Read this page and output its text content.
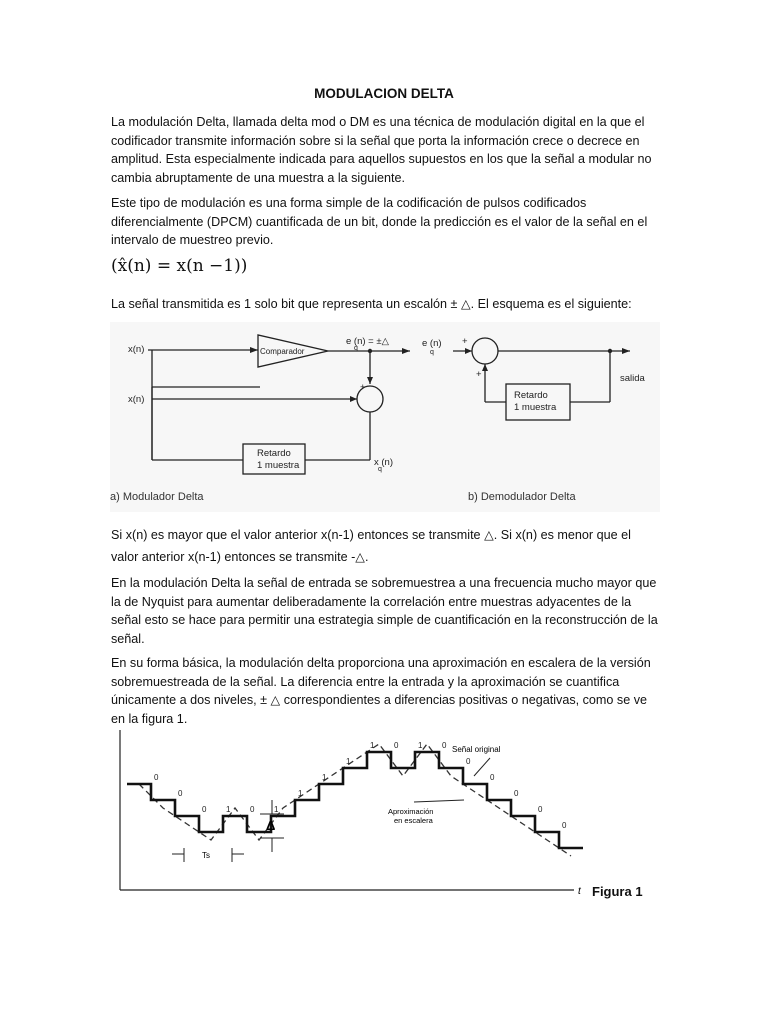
MODULACION DELTA
La modulación Delta, llamada delta mod o DM es una técnica de modulación digital en la que el codificador transmite información sobre si la señal que porta la información crece o decrece en amplitud. Esta especialmente indicada para aquellos supuestos en los que la señal a modular no cambia abruptamente de una muestra a la siguiente.
Este tipo de modulación es una forma simple de la codificación de pulsos codificados diferencialmente (DPCM) cuantificada de un bit, donde la predicción es el valor de la señal en el intervalo de muestreo previo.
(x̂(n) = x(n −1))
La señal transmitida es 1 solo bit que representa un escalón ± △. El esquema es el siguiente:
x(n)
x(n)
Comparador
e (n) = ±△
q
+
−
Retardo
1 muestra	x (n)
q
a) Modulador Delta
e (n)
q
+
+
Retardo
1 muestra
salida
b) Demodulador Delta
Si x(n) es mayor que el valor anterior x(n-1) entonces se transmite △. Si x(n) es menor que el valor anterior x(n-1) entonces se transmite -△.
En la modulación Delta la señal de entrada se sobremuestrea a una frecuencia mucho mayor que la de Nyquist para aumentar deliberadamente la correlación entre muestras adyacentes de la señal esto se hace para permitir una estrategia simple de cuantificación en la reconstrucción de la señal.
En su forma básica, la modulación delta proporciona una aproximación en escalera de la versión sobremuestreada de la señal. La diferencia entre la entrada y la aproximación se cuantifica únicamente a dos niveles, ± △ correspondientes a diferencias positivas o negativas, como se ve en la figura 1.
0
0
0 1 0 1
1
1
1
1 0 1 0
0
0
0
0
0
Δ
Ts
Señal original
Aproximación
en escalera
t Figura 1
